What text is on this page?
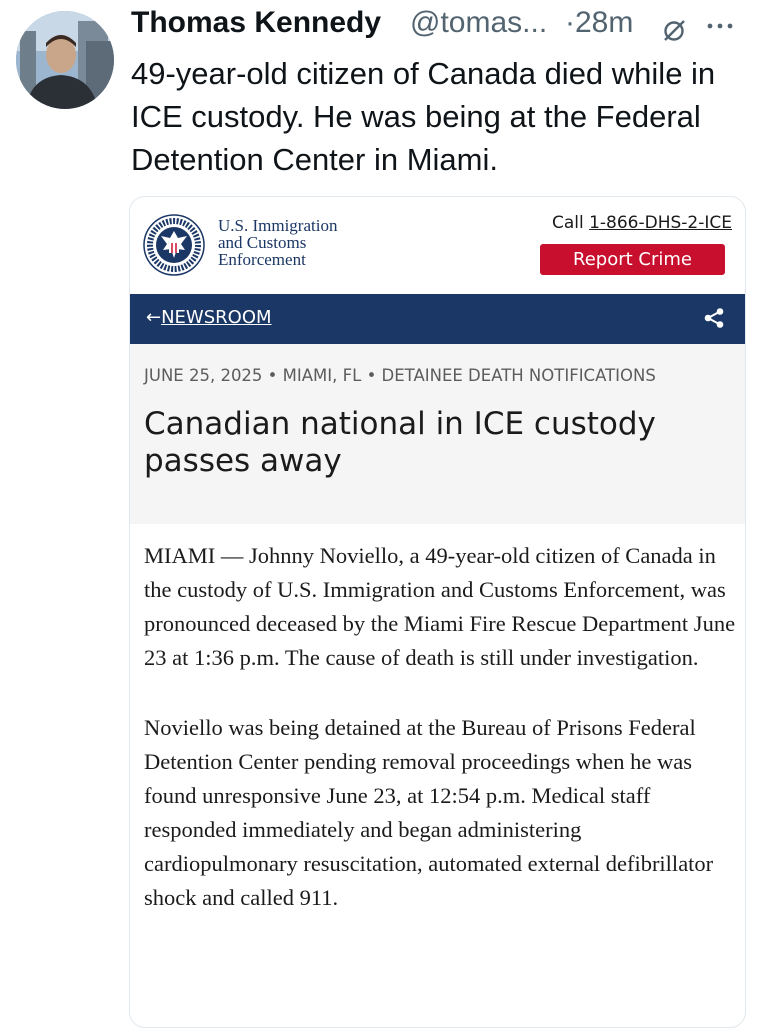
Thomas Kennedy @tomas... ·28m
49-year-old citizen of Canada died while in ICE custody. He was being at the Federal Detention Center in Miami.
U.S. Immigration
and Customs
Enforcement
Call 1-866-DHS-2-ICE
Report Crime
←NEWSROOM
JUNE 25, 2025 • MIAMI, FL • DETAINEE DEATH NOTIFICATIONS
Canadian national in ICE custody passes away

MIAMI — Johnny Noviello, a 49-year-old citizen of Canada in the custody of U.S. Immigration and Customs Enforcement, was pronounced deceased by the Miami Fire Rescue Department June 23 at 1:36 p.m. The cause of death is still under investigation.

Noviello was being detained at the Bureau of Prisons Federal Detention Center pending removal proceedings when he was found unresponsive June 23, at 12:54 p.m. Medical staff responded immediately and began administering cardiopulmonary resuscitation, automated external defibrillator shock and called 911.
